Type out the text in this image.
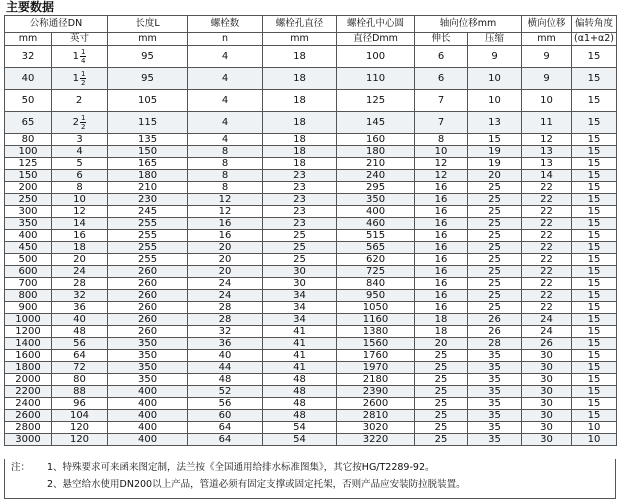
主要数据
公称通径DN		长度L	螺栓数	螺栓孔直径	螺栓孔中心圆	轴向位移mm		横向位移	偏转角度
mm	英寸	mm	n	mm	直径Dmm	伸长	压缩	mm	(α1+α2)
32	$1 \frac{1}{4}$	95	4	18	100	6	9	9	15
40	$1 \frac{1}{2}$	95	4	18	110	6	10	9	15
50	2	105	4	18	125	7	10	10	15
65	$2 \frac{1}{2}$	115	4	18	145	7	13	11	15
80	3	135	4	18	160	8	15	12	15
100	4	150	8	18	180	10	19	13	15
125	5	165	8	18	210	12	19	13	15
150	6	180	8	23	240	12	20	14	15
200	8	210	8	23	295	16	25	22	15
250	10	230	12	23	350	16	25	22	15
300	12	245	12	23	400	16	25	22	15
350	14	255	16	23	460	16	25	22	15
400	16	255	16	25	515	16	25	22	15
450	18	255	20	25	565	16	25	22	15
500	20	255	20	25	620	16	25	22	15
600	24	260	20	30	725	16	25	22	15
700	28	260	24	30	840	16	25	22	15
800	32	260	24	34	950	16	25	22	15
900	36	260	28	34	1050	16	25	22	15
1000	40	260	28	34	1160	18	26	24	15
1200	48	260	32	41	1380	18	26	24	15
1400	56	350	36	41	1560	20	28	26	15
1600	64	350	40	41	1760	25	35	30	15
1800	72	350	44	41	1970	25	35	30	15
2000	80	350	48	48	2180	25	35	30	15
2200	88	400	52	48	2390	25	35	30	15
2400	96	400	56	48	2600	25	35	30	15
2600	104	400	60	48	2810	25	35	30	15
2800	120	400	64	54	3020	25	35	30	10
3000	120	400	64	54	3220	25	35	30	10
注： 1、特殊要求可来函来图定制，法兰按《全国通用给排水标准图集》，其它按HG/T2289-92。
2、悬空给水使用DN200以上产品，管道必须有固定支撑或固定托架，否则产品应安装防拉脱装置。
